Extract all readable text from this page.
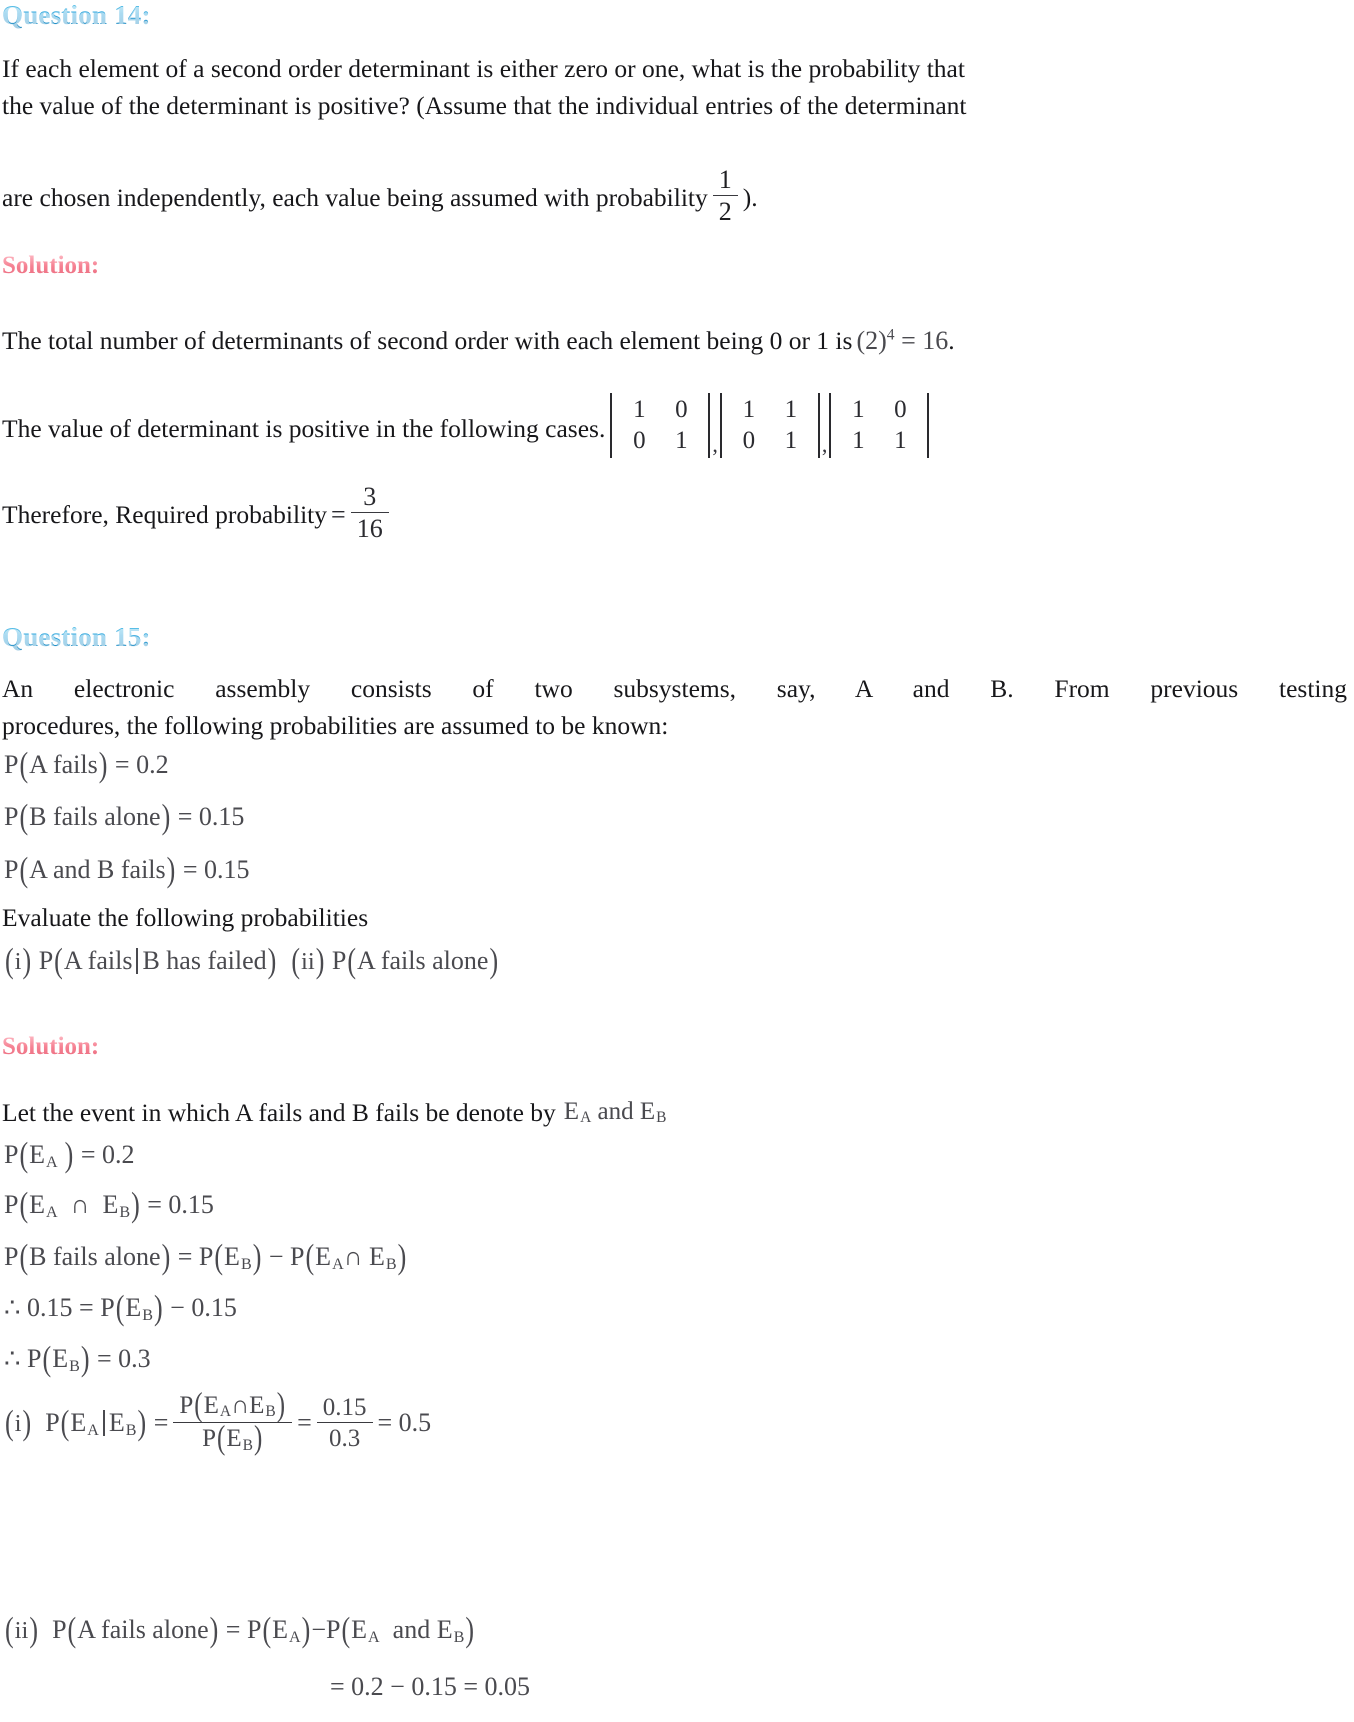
Question 14:
If each element of a second order determinant is either zero or one, what is the probability that
the value of the determinant is positive? (Assume that the individual entries of the determinant
are chosen independently, each value being assumed with probability $\frac{1}{2}$ ).
Solution:
The total number of determinants of second order with each element being 0 or 1 is $(2)^4 = 16$.
The value of determinant is positive in the following cases.
1 0
0 1	,
1 1
0 1	,
1 0
1 1
Therefore, Required probability = $\frac{3}{16}$
Question 15:
An electronic assembly consists of two subsystems, say, A and B. From previous testing
procedures, the following probabilities are assumed to be known:
P(A fails) = 0.2
P(B fails alone) = 0.15
P(A and B fails) = 0.15
Evaluate the following probabilities
(i) P(A fails B has failed) (ii) P(A fails alone)
Solution:
Let the event in which A fails and B fails be denote by $E_A$ and $E_B$
$P(E_A$ ) = 0.2
$P(E_A$ ∩ $E_B) = 0.15$
P(B fails alone) = $P(E_B)$ − $P(E_A\cap$ $E_B$)
∴ $0.15 = P(E_B) - 0.15$
∴ $P(E_B) = 0.3$
(i) $P(E_A$ $E_B) = \frac{P(E_A\cap E_B)}{P(E_B)} = \frac{0.15}{0.3} = 0.5$
(ii) P(A fails alone) = $P(E_A)-P(E_A$ and $E_B$)
= 0.2 − 0.15 = 0.05
